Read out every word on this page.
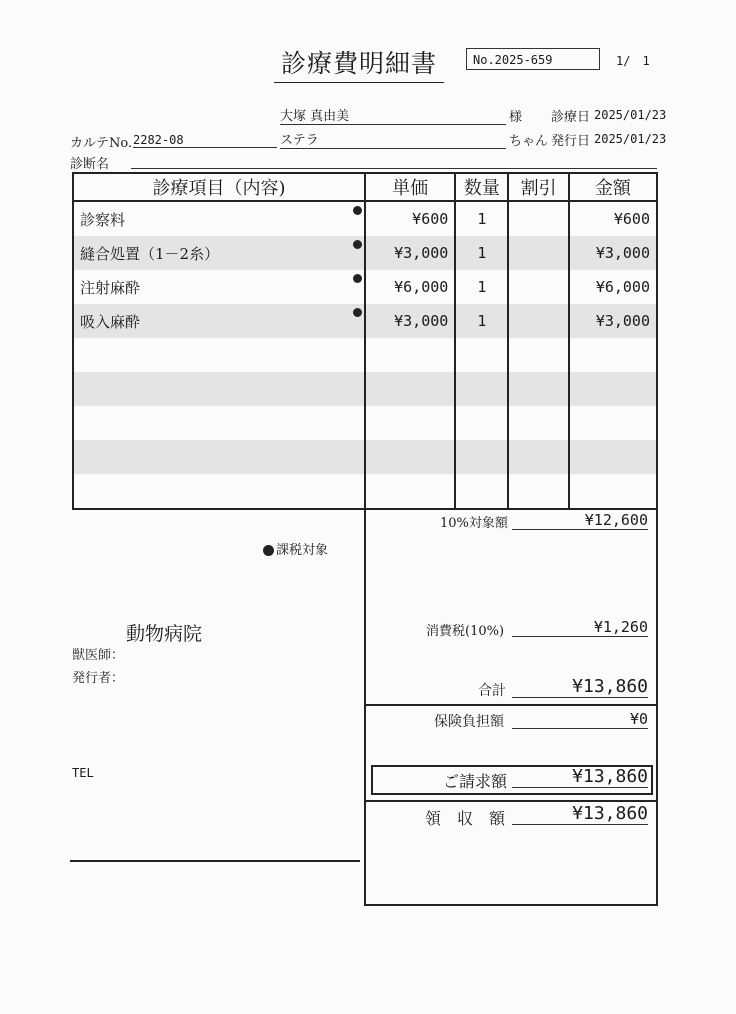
診療費明細書	No.2025-659	1/　1
大塚 真由美	様 診療日 2025/01/23
カルテNo. 2282-08	ステラ	ちゃん 発行日 2025/01/23
診断名
診療項目（内容)	単価	数量	割引	金額
診察料	¥600	1		¥600
縫合処置（1－2糸）	¥3,000	1		¥3,000
注射麻酔	¥6,000	1		¥6,000
吸入麻酔	¥3,000	1		¥3,000

課税対象
動物病院
獣医師：
発行者：
TEL
10%対象額	¥12,600
消費税(10%)	¥1,260
合計	¥13,860
保険負担額	¥0
ご請求額	¥13,860
領　収　額	¥13,860
